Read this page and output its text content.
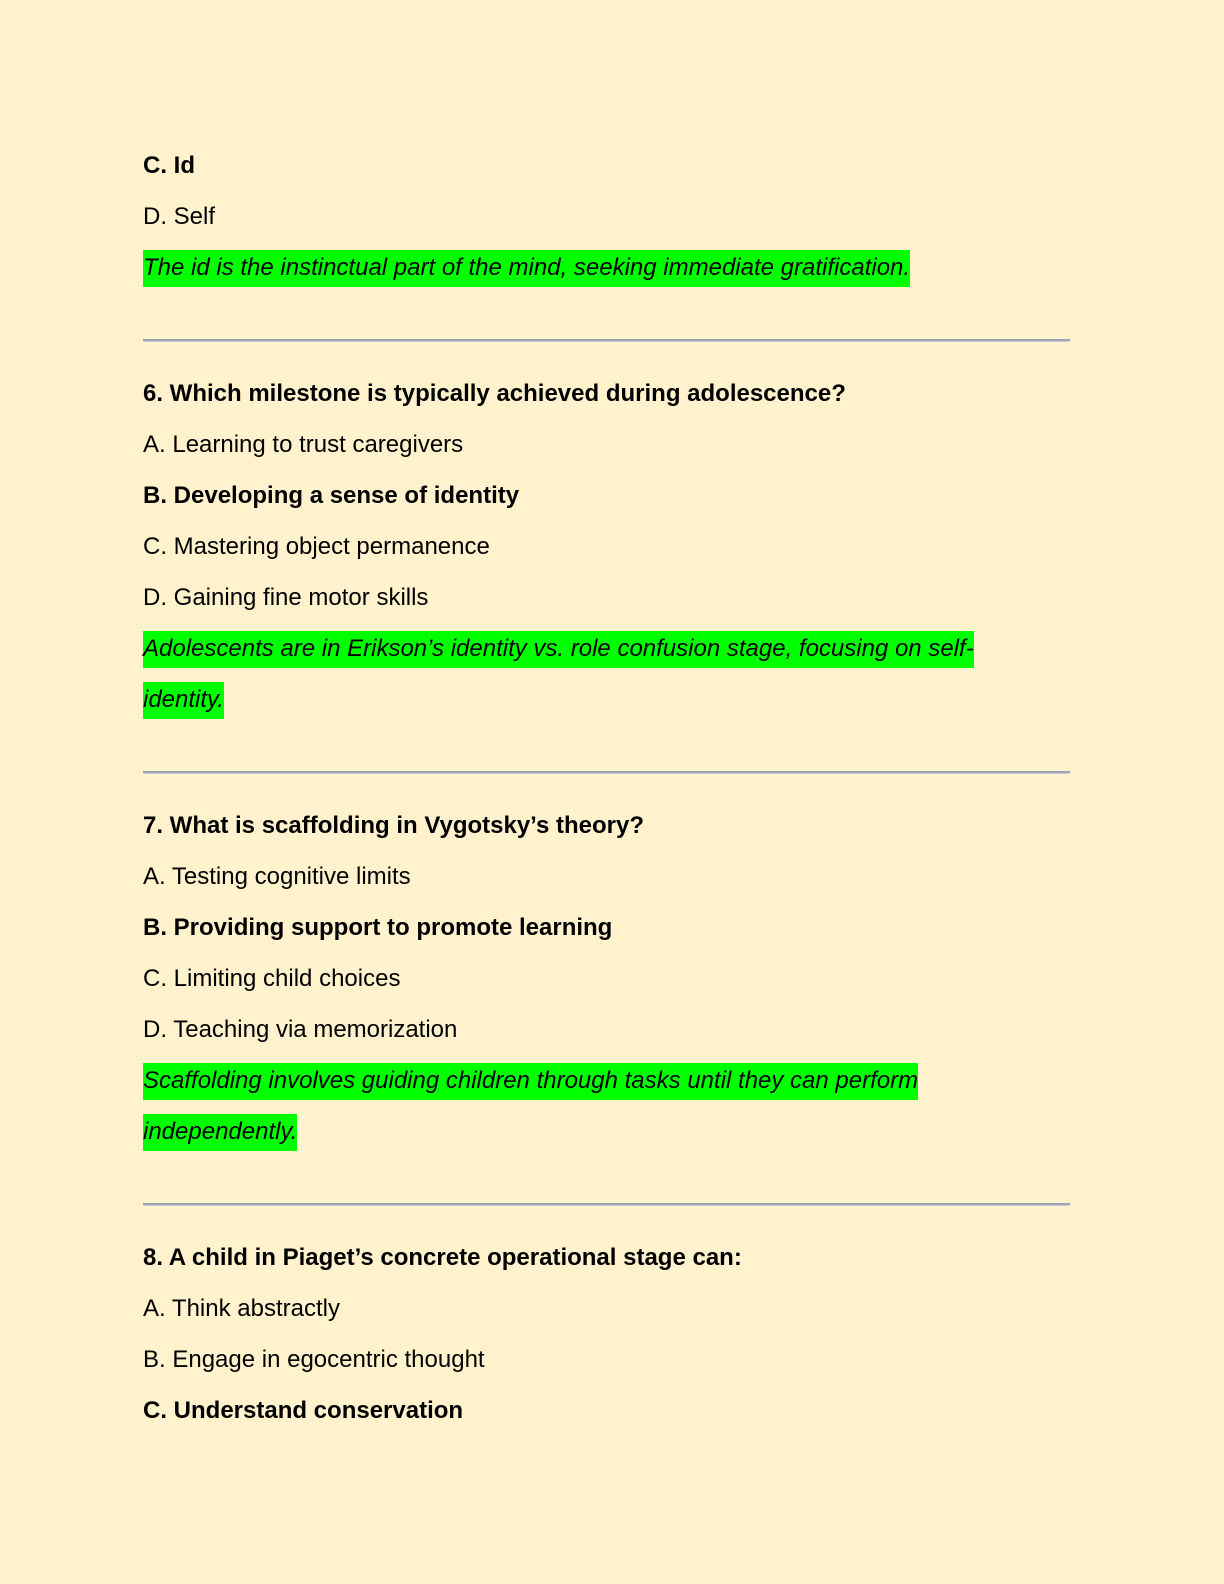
C. Id
D. Self
The id is the instinctual part of the mind, seeking immediate gratification.
6. Which milestone is typically achieved during adolescence?
A. Learning to trust caregivers
B. Developing a sense of identity
C. Mastering object permanence
D. Gaining fine motor skills
Adolescents are in Erikson’s identity vs. role confusion stage, focusing on self-identity.
7. What is scaffolding in Vygotsky’s theory?
A. Testing cognitive limits
B. Providing support to promote learning
C. Limiting child choices
D. Teaching via memorization
Scaffolding involves guiding children through tasks until they can perform independently.
8. A child in Piaget’s concrete operational stage can:
A. Think abstractly
B. Engage in egocentric thought
C. Understand conservation
